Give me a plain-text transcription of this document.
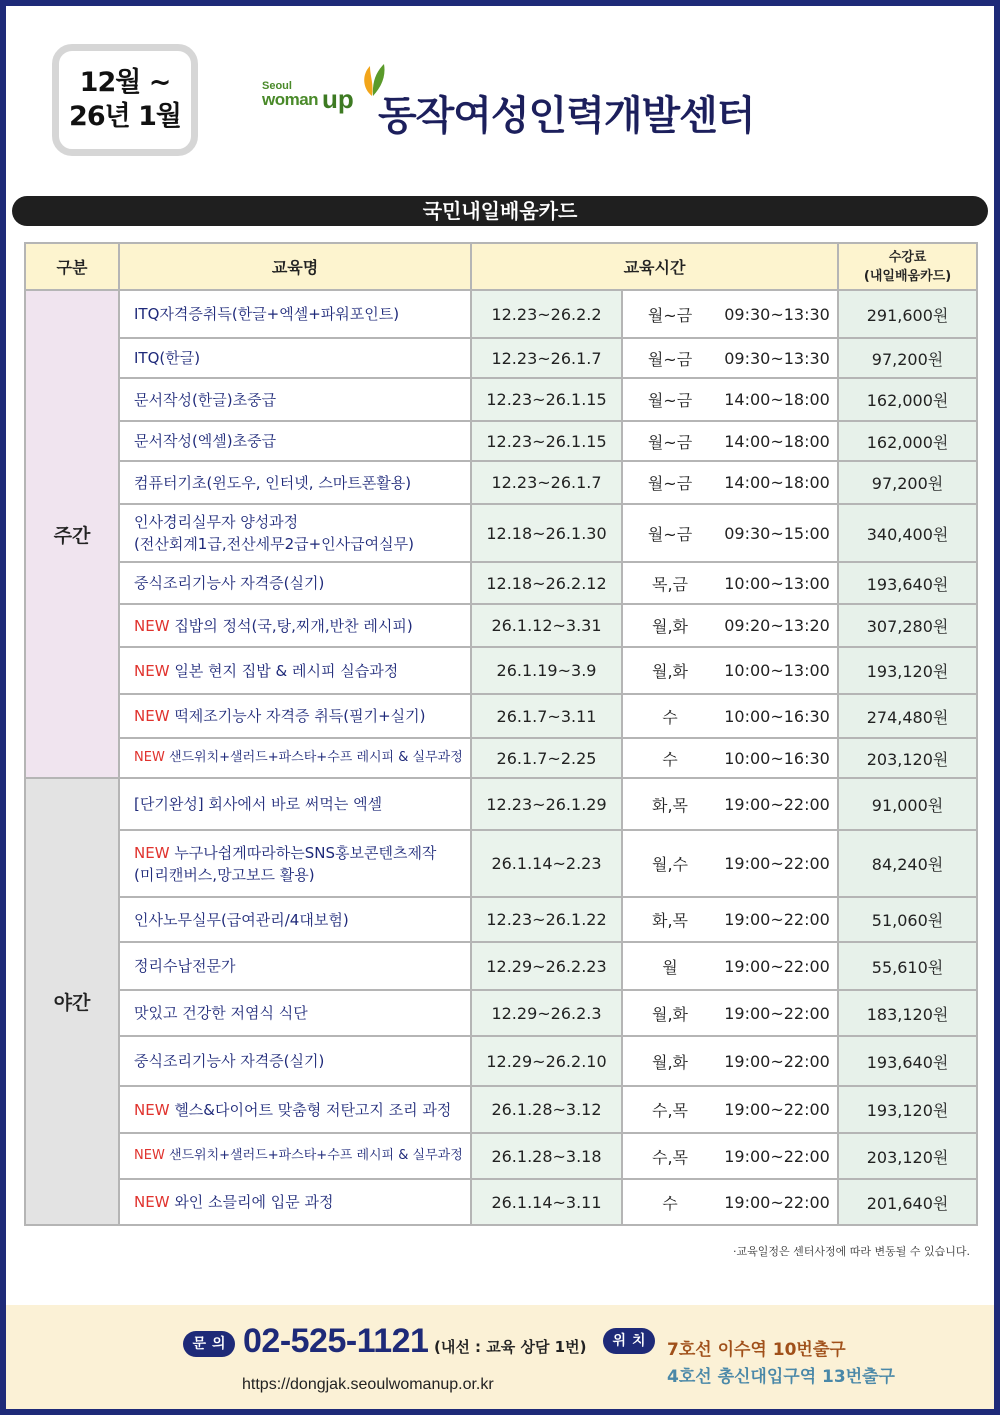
12월 ~
26년 1월
Seoul
woman up 동작여성인력개발센터
국민내일배움카드
구분	교육명	교육시간			수강료
(내일배움카드)

주간	ITQ자격증취득(한글+엑셀+파워포인트)	12.23~26.2.2	월~금	09:30~13:30	291,600원
	ITQ(한글)	12.23~26.1.7	월~금	09:30~13:30	97,200원
	문서작성(한글)초중급	12.23~26.1.15	월~금	14:00~18:00	162,000원
	문서작성(엑셀)초중급	12.23~26.1.15	월~금	14:00~18:00	162,000원
	컴퓨터기초(윈도우, 인터넷, 스마트폰활용)	12.23~26.1.7	월~금	14:00~18:00	97,200원
	인사경리실무자 양성과정
(전산회계1급,전산세무2급+인사급여실무)	12.18~26.1.30	월~금	09:30~15:00	340,400원
	중식조리기능사 자격증(실기)	12.18~26.2.12	목,금	10:00~13:00	193,640원
	NEW 집밥의 정석(국,탕,찌개,반찬 레시피)	26.1.12~3.31	월,화	09:20~13:20	307,280원
	NEW 일본 현지 집밥 & 레시피 실습과정	26.1.19~3.9	월,화	10:00~13:00	193,120원
	NEW 떡제조기능사 자격증 취득(필기+실기)	26.1.7~3.11	수	10:00~16:30	274,480원
	NEW 샌드위치+샐러드+파스타+수프 레시피 & 실무과정	26.1.7~2.25	수	10:00~16:30	203,120원
야간	[단기완성] 회사에서 바로 써먹는 엑셀	12.23~26.1.29	화,목	19:00~22:00	91,000원
	NEW 누구나쉽게따라하는SNS홍보콘텐츠제작
(미리캔버스,망고보드 활용)	26.1.14~2.23	월,수	19:00~22:00	84,240원
	인사노무실무(급여관리/4대보험)	12.23~26.1.22	화,목	19:00~22:00	51,060원
	정리수납전문가	12.29~26.2.23	월	19:00~22:00	55,610원
	맛있고 건강한 저염식 식단	12.29~26.2.3	월,화	19:00~22:00	183,120원
	중식조리기능사 자격증(실기)	12.29~26.2.10	월,화	19:00~22:00	193,640원
	NEW 헬스&다이어트 맞춤형 저탄고지 조리 과정	26.1.28~3.12	수,목	19:00~22:00	193,120원
	NEW 샌드위치+샐러드+파스타+수프 레시피 & 실무과정	26.1.28~3.18	수,목	19:00~22:00	203,120원
	NEW 와인 소믈리에 입문 과정	26.1.14~3.11	수	19:00~22:00	201,640원
·교육일정은 센터사정에 따라 변동될 수 있습니다.
문의 02-525-1121 (내선 : 교육 상담 1번)
https://dongjak.seoulwomanup.or.kr
위치 7호선 이수역 10번출구
4호선 총신대입구역 13번출구
